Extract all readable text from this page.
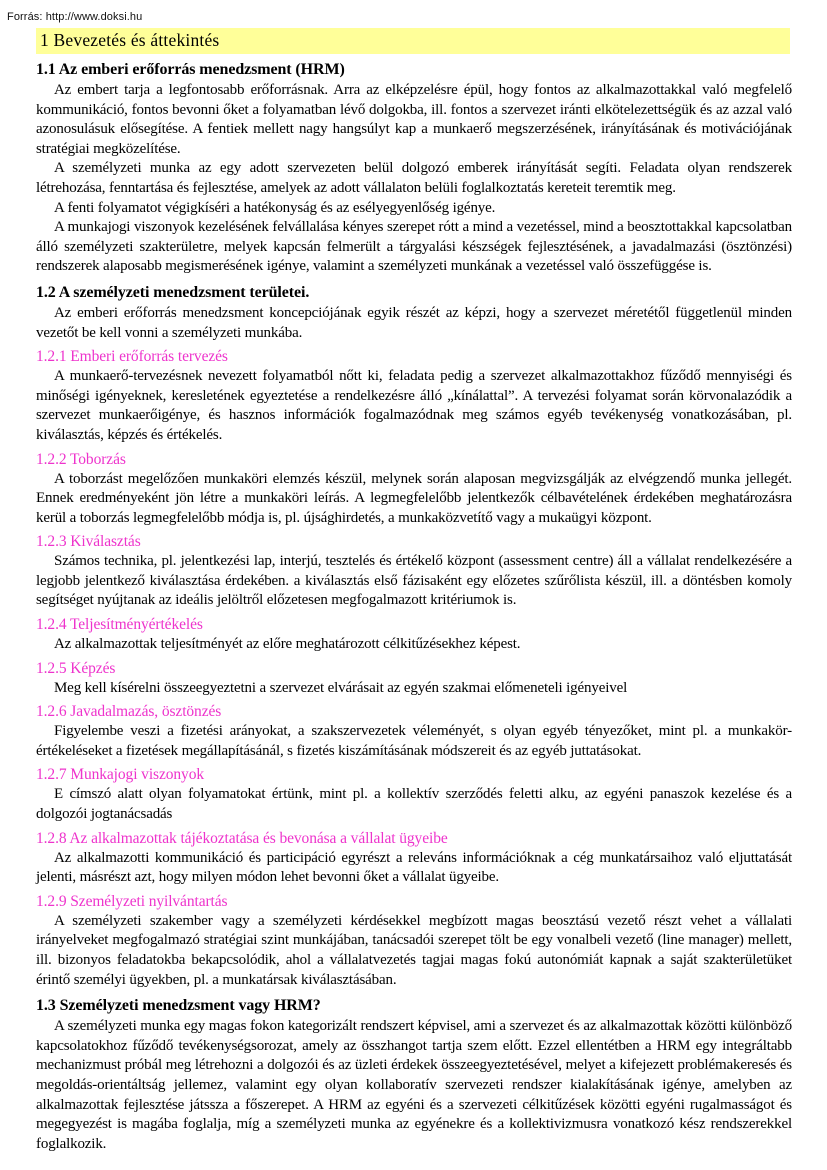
Forrás: http://www.doksi.hu
1 Bevezetés és áttekintés
1.1 Az emberi erőforrás menedzsment (HRM)

Az embert tarja a legfontosabb erőforrásnak. Arra az elképzelésre épül, hogy fontos az alkalmazottakkal való megfelelő kommunikáció, fontos bevonni őket a folyamatban lévő dolgokba, ill. fontos a szervezet iránti elkötelezettségük és az azzal való azonosulásuk elősegítése. A fentiek mellett nagy hangsúlyt kap a munkaerő megszerzésének, irányításának és motivációjának stratégiai megközelítése.

A személyzeti munka az egy adott szervezeten belül dolgozó emberek irányítását segíti. Feladata olyan rendszerek létrehozása, fenntartása és fejlesztése, amelyek az adott vállalaton belüli foglalkoztatás kereteit teremtik meg.

A fenti folyamatot végigkíséri a hatékonyság és az esélyegyenlőség igénye.

A munkajogi viszonyok kezelésének felvállalása kényes szerepet rótt a mind a vezetéssel, mind a beosztottakkal kapcsolatban álló személyzeti szakterületre, melyek kapcsán felmerült a tárgyalási készségek fejlesztésének, a javadalmazási (ösztönzési) rendszerek alaposabb megismerésének igénye, valamint a személyzeti munkának a vezetéssel való összefüggése is.

1.2 A személyzeti menedzsment területei.

Az emberi erőforrás menedzsment koncepciójának egyik részét az képzi, hogy a szervezet méretétől függetlenül minden vezetőt be kell vonni a személyzeti munkába.

1.2.1 Emberi erőforrás tervezés

A munkaerő-tervezésnek nevezett folyamatból nőtt ki, feladata pedig a szervezet alkalmazottakhoz fűződő mennyiségi és minőségi igényeknek, keresletének egyeztetése a rendelkezésre álló „kínálattal”. A tervezési folyamat során körvonalazódik a szervezet munkaerőigénye, és hasznos információk fogalmazódnak meg számos egyéb tevékenység vonatkozásában, pl. kiválasztás, képzés és értékelés.

1.2.2 Toborzás

A toborzást megelőzően munkaköri elemzés készül, melynek során alaposan megvizsgálják az elvégzendő munka jellegét. Ennek eredményeként jön létre a munkaköri leírás. A legmegfelelőbb jelentkezők célbavételének érdekében meghatározásra kerül a toborzás legmegfelelőbb módja is, pl. újsághirdetés, a munkaközvetítő vagy a mukaügyi központ.

1.2.3 Kiválasztás

Számos technika, pl. jelentkezési lap, interjú, tesztelés és értékelő központ (assessment centre) áll a vállalat rendelkezésére a legjobb jelentkező kiválasztása érdekében. a kiválasztás első fázisaként egy előzetes szűrőlista készül, ill. a döntésben komoly segítséget nyújtanak az ideális jelöltről előzetesen megfogalmazott kritériumok is.

1.2.4 Teljesítményértékelés

Az alkalmazottak teljesítményét az előre meghatározott célkitűzésekhez képest.

1.2.5 Képzés

Meg kell kísérelni összeegyeztetni a szervezet elvárásait az egyén szakmai előmeneteli igényeivel

1.2.6 Javadalmazás, ösztönzés

Figyelembe veszi a fizetési arányokat, a szakszervezetek véleményét, s olyan egyéb tényezőket, mint pl. a munkakör-értékeléseket a fizetések megállapításánál, s fizetés kiszámításának módszereit és az egyéb juttatásokat.

1.2.7 Munkajogi viszonyok

E címszó alatt olyan folyamatokat értünk, mint pl. a kollektív szerződés feletti alku, az egyéni panaszok kezelése és a dolgozói jogtanácsadás

1.2.8 Az alkalmazottak tájékoztatása és bevonása a vállalat ügyeibe

Az alkalmazotti kommunikáció és participáció egyrészt a releváns információknak a cég munkatársaihoz való eljuttatását jelenti, másrészt azt, hogy milyen módon lehet bevonni őket a vállalat ügyeibe.

1.2.9 Személyzeti nyilvántartás

A személyzeti szakember vagy a személyzeti kérdésekkel megbízott magas beosztású vezető részt vehet a vállalati irányelveket megfogalmazó stratégiai szint munkájában, tanácsadói szerepet tölt be egy vonalbeli vezető (line manager) mellett, ill. bizonyos feladatokba bekapcsolódik, ahol a vállalatvezetés tagjai magas fokú autonómiát kapnak a saját szakterületüket érintő személyi ügyekben, pl. a munkatársak kiválasztásában.

1.3 Személyzeti menedzsment vagy HRM?

A személyzeti munka egy magas fokon kategorizált rendszert képvisel, ami a szervezet és az alkalmazottak közötti különböző kapcsolatokhoz fűződő tevékenységsorozat, amely az összhangot tartja szem előtt. Ezzel ellentétben a HRM egy integráltabb mechanizmust próbál meg létrehozni a dolgozói és az üzleti érdekek összeegyeztetésével, melyet a kifejezett problémakeresés és megoldás-orientáltság jellemez, valamint egy olyan kollaboratív szervezeti rendszer kialakításának igénye, amelyben az alkalmazottak fejlesztése játssza a főszerepet. A HRM az egyéni és a szervezeti célkitűzések közötti egyéni rugalmasságot és megegyezést is magába foglalja, míg a személyzeti munka az egyénekre és a kollektivizmusra vonatkozó kész rendszerekkel foglalkozik.
